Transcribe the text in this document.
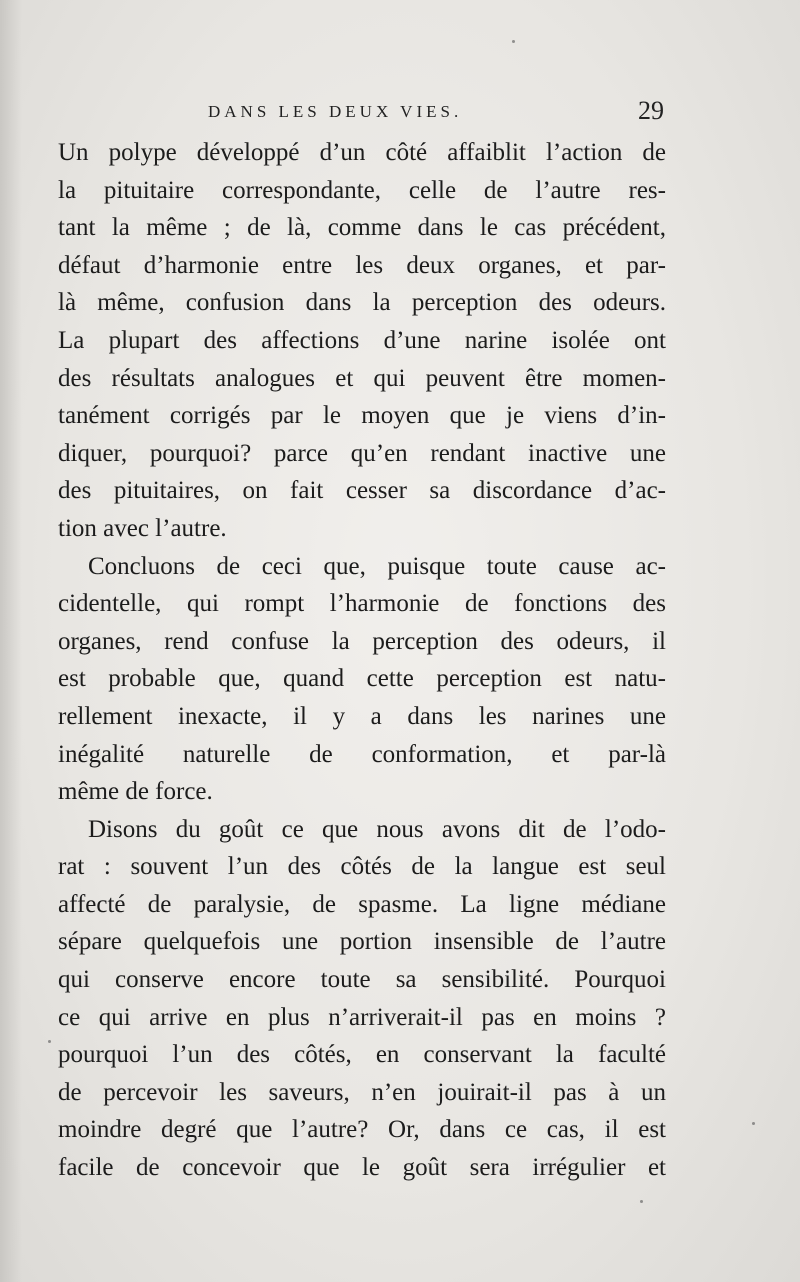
DANS LES DEUX VIES.	29
Un polype développé d’un côté affaiblit l’action de
la pituitaire correspondante, celle de l’autre res-
tant la même ; de là, comme dans le cas précédent,
défaut d’harmonie entre les deux organes, et par-
là même, confusion dans la perception des odeurs.
La plupart des affections d’une narine isolée ont
des résultats analogues et qui peuvent être momen-
tanément corrigés par le moyen que je viens d’in-
diquer, pourquoi? parce qu’en rendant inactive une
des pituitaires, on fait cesser sa discordance d’ac-
tion avec l’autre.
Concluons de ceci que, puisque toute cause ac-
cidentelle, qui rompt l’harmonie de fonctions des
organes, rend confuse la perception des odeurs, il
est probable que, quand cette perception est natu-
rellement inexacte, il y a dans les narines une
inégalité naturelle de conformation, et par-là
même de force.
Disons du goût ce que nous avons dit de l’odo-
rat : souvent l’un des côtés de la langue est seul
affecté de paralysie, de spasme. La ligne médiane
sépare quelquefois une portion insensible de l’autre
qui conserve encore toute sa sensibilité. Pourquoi
ce qui arrive en plus n’arriverait-il pas en moins ?
pourquoi l’un des côtés, en conservant la faculté
de percevoir les saveurs, n’en jouirait-il pas à un
moindre degré que l’autre? Or, dans ce cas, il est
facile de concevoir que le goût sera irrégulier et
